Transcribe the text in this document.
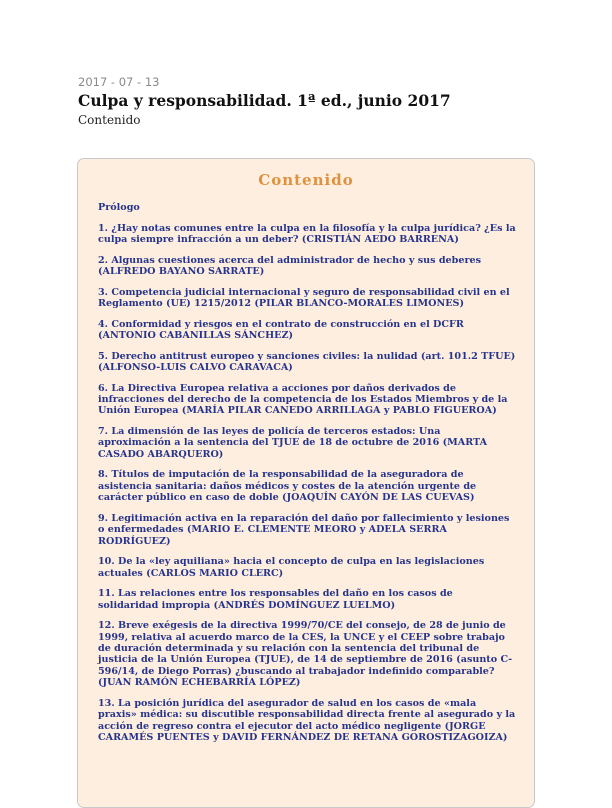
2017 - 07 - 13

Culpa y responsabilidad. 1ª ed., junio 2017

Contenido

Contenido
Prólogo
1. ¿Hay notas comunes entre la culpa en la filosofía y la culpa jurídica? ¿Es la culpa siempre infracción a un deber? (CRISTIÁN AEDO BARRENA)
2. Algunas cuestiones acerca del administrador de hecho y sus deberes (ALFREDO BAYANO SARRATE)
3. Competencia judicial internacional y seguro de responsabilidad civil en el Reglamento (UE) 1215/2012 (PILAR BLANCO-MORALES LIMONES)
4. Conformidad y riesgos en el contrato de construcción en el DCFR (ANTONIO CABANILLAS SÁNCHEZ)
5. Derecho antitrust europeo y sanciones civiles: la nulidad (art. 101.2 TFUE) (ALFONSO-LUIS CALVO CARAVACA)
6. La Directiva Europea relativa a acciones por daños derivados de infracciones del derecho de la competencia de los Estados Miembros y de la Unión Europea (MARÍA PILAR CANEDO ARRILLAGA y PABLO FIGUEROA)
7. La dimensión de las leyes de policía de terceros estados: Una aproximación a la sentencia del TJUE de 18 de octubre de 2016 (MARTA CASADO ABARQUERO)
8. Títulos de imputación de la responsabilidad de la aseguradora de asistencia sanitaria: daños médicos y costes de la atención urgente de carácter público en caso de doble (JOAQUÍN CAYÓN DE LAS CUEVAS)
9. Legitimación activa en la reparación del daño por fallecimiento y lesiones o enfermedades (MARIO E. CLEMENTE MEORO y ADELA SERRA RODRÍGUEZ)
10. De la «ley aquiliana» hacia el concepto de culpa en las legislaciones actuales (CARLOS MARIO CLERC)
11. Las relaciones entre los responsables del daño en los casos de solidaridad impropia (ANDRÉS DOMÍNGUEZ LUELMO)
12. Breve exégesis de la directiva 1999/70/CE del consejo, de 28 de junio de 1999, relativa al acuerdo marco de la CES, la UNCE y el CEEP sobre trabajo de duración determinada y su relación con la sentencia del tribunal de justicia de la Unión Europea (TJUE), de 14 de septiembre de 2016 (asunto C-596/14, de Diego Porras) ¿buscando al trabajador indefinido comparable? (JUAN RAMÓN ECHEBARRÍA LÓPEZ)
13. La posición jurídica del asegurador de salud en los casos de «mala praxis» médica: su discutible responsabilidad directa frente al asegurado y la acción de regreso contra el ejecutor del acto médico negligente (JORGE CARAMÉS PUENTES y DAVID FERNÁNDEZ DE RETANA GOROSTIZAGOIZA)
